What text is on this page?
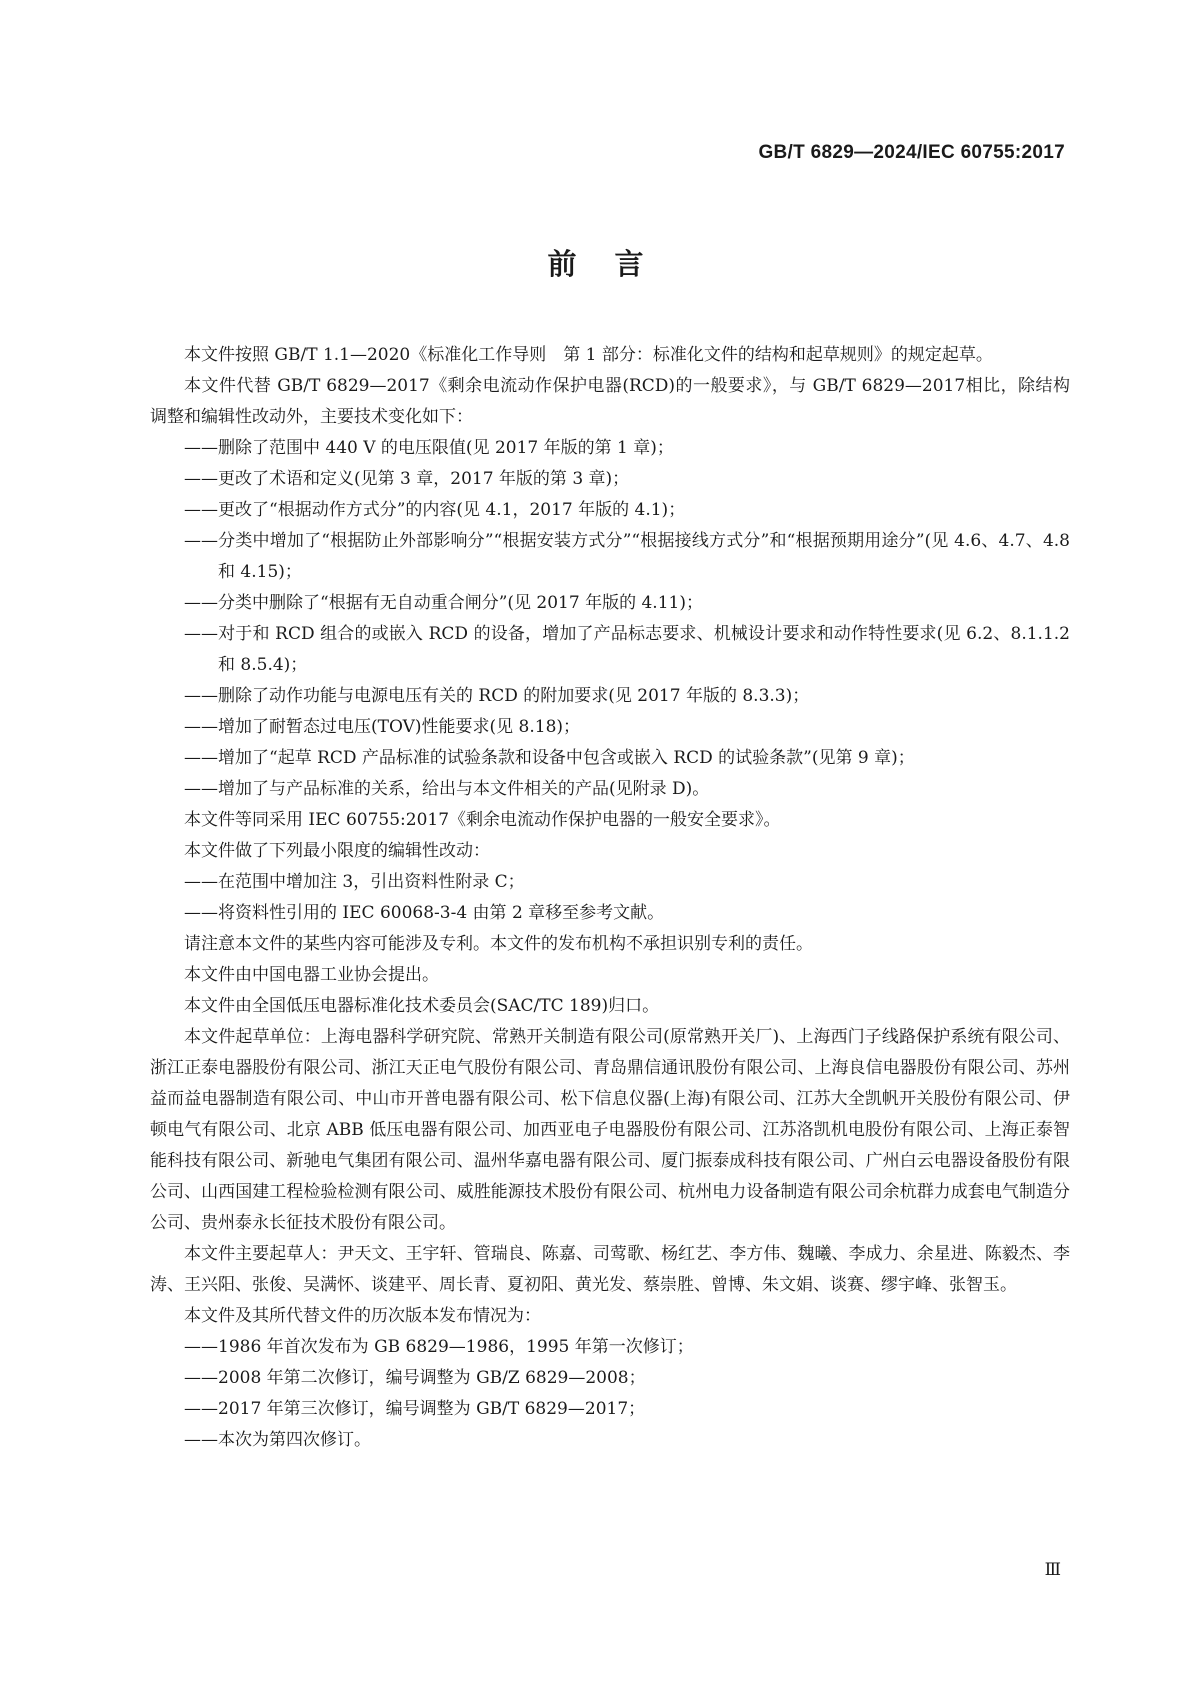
GB/T 6829—2024/IEC 60755:2017
前言

本文件按照 GB/T 1.1—2020《标准化工作导则　第 1 部分：标准化文件的结构和起草规则》的规定起草。

本文件代替 GB/T 6829—2017《剩余电流动作保护电器(RCD)的一般要求》，与 GB/T 6829—2017相比，除结构调整和编辑性改动外，主要技术变化如下：

——删除了范围中 440 V 的电压限值(见 2017 年版的第 1 章)；

——更改了术语和定义(见第 3 章，2017 年版的第 3 章)；

——更改了“根据动作方式分”的内容(见 4.1，2017 年版的 4.1)；

——分类中增加了“根据防止外部影响分”“根据安装方式分”“根据接线方式分”和“根据预期用途分”(见 4.6、4.7、4.8 和 4.15)；

——分类中删除了“根据有无自动重合闸分”(见 2017 年版的 4.11)；

——对于和 RCD 组合的或嵌入 RCD 的设备，增加了产品标志要求、机械设计要求和动作特性要求(见 6.2、8.1.1.2 和 8.5.4)；

——删除了动作功能与电源电压有关的 RCD 的附加要求(见 2017 年版的 8.3.3)；

——增加了耐暂态过电压(TOV)性能要求(见 8.18)；

——增加了“起草 RCD 产品标准的试验条款和设备中包含或嵌入 RCD 的试验条款”(见第 9 章)；

——增加了与产品标准的关系，给出与本文件相关的产品(见附录 D)。

本文件等同采用 IEC 60755:2017《剩余电流动作保护电器的一般安全要求》。

本文件做了下列最小限度的编辑性改动：

——在范围中增加注 3，引出资料性附录 C；

——将资料性引用的 IEC 60068-3-4 由第 2 章移至参考文献。

请注意本文件的某些内容可能涉及专利。本文件的发布机构不承担识别专利的责任。

本文件由中国电器工业协会提出。

本文件由全国低压电器标准化技术委员会(SAC/TC 189)归口。

本文件起草单位：上海电器科学研究院、常熟开关制造有限公司(原常熟开关厂)、上海西门子线路保护系统有限公司、浙江正泰电器股份有限公司、浙江天正电气股份有限公司、青岛鼎信通讯股份有限公司、上海良信电器股份有限公司、苏州益而益电器制造有限公司、中山市开普电器有限公司、松下信息仪器(上海)有限公司、江苏大全凯帆开关股份有限公司、伊顿电气有限公司、北京 ABB 低压电器有限公司、加西亚电子电器股份有限公司、江苏洛凯机电股份有限公司、上海正泰智能科技有限公司、新驰电气集团有限公司、温州华嘉电器有限公司、厦门振泰成科技有限公司、广州白云电器设备股份有限公司、山西国建工程检验检测有限公司、威胜能源技术股份有限公司、杭州电力设备制造有限公司余杭群力成套电气制造分公司、贵州泰永长征技术股份有限公司。

本文件主要起草人：尹天文、王宇轩、管瑞良、陈嘉、司莺歌、杨红艺、李方伟、魏曦、李成力、余星进、陈毅杰、李涛、王兴阳、张俊、吴满怀、谈建平、周长青、夏初阳、黄光发、蔡崇胜、曾博、朱文娟、谈赛、缪宇峰、张智玉。

本文件及其所代替文件的历次版本发布情况为：

——1986 年首次发布为 GB 6829—1986，1995 年第一次修订；

——2008 年第二次修订，编号调整为 GB/Z 6829—2008；

——2017 年第三次修订，编号调整为 GB/T 6829—2017；

——本次为第四次修订。

Ⅲ
